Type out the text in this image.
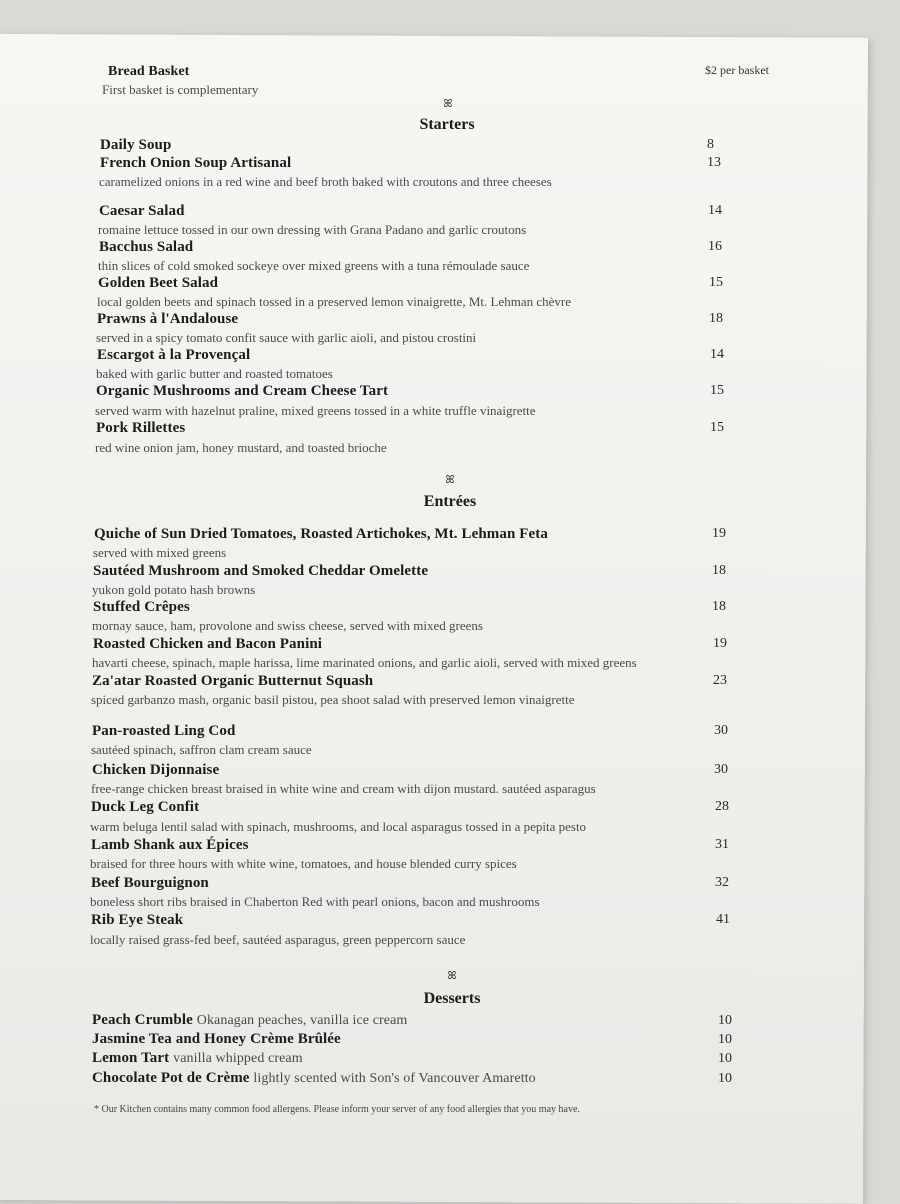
Bread Basket
First basket is complementary
$2 per basket
ꕤ
Starters
Daily Soup	8
French Onion Soup Artisanal	13
caramelized onions in a red wine and beef broth baked with croutons and three cheeses
Caesar Salad	14
romaine lettuce tossed in our own dressing with Grana Padano and garlic croutons
Bacchus Salad	16
thin slices of cold smoked sockeye over mixed greens with a tuna rémoulade sauce
Golden Beet Salad	15
local golden beets and spinach tossed in a preserved lemon vinaigrette, Mt. Lehman chèvre
Prawns à l'Andalouse	18
served in a spicy tomato confit sauce with garlic aioli, and pistou crostini
Escargot à la Provençal	14
baked with garlic butter and roasted tomatoes
Organic Mushrooms and Cream Cheese Tart	15
served warm with hazelnut praline, mixed greens tossed in a white truffle vinaigrette
Pork Rillettes	15
red wine onion jam, honey mustard, and toasted brioche
ꕤ
Entrées
Quiche of Sun Dried Tomatoes, Roasted Artichokes, Mt. Lehman Feta	19
served with mixed greens
Sautéed Mushroom and Smoked Cheddar Omelette	18
yukon gold potato hash browns
Stuffed Crêpes	18
mornay sauce, ham, provolone and swiss cheese, served with mixed greens
Roasted Chicken and Bacon Panini	19
havarti cheese, spinach, maple harissa, lime marinated onions, and garlic aioli, served with mixed greens
Za'atar Roasted Organic Butternut Squash	23
spiced garbanzo mash, organic basil pistou, pea shoot salad with preserved lemon vinaigrette
Pan-roasted Ling Cod	30
sautéed spinach, saffron clam cream sauce
Chicken Dijonnaise	30
free-range chicken breast braised in white wine and cream with dijon mustard. sautéed asparagus
Duck Leg Confit	28
warm beluga lentil salad with spinach, mushrooms, and local asparagus tossed in a pepita pesto
Lamb Shank aux Épices	31
braised for three hours with white wine, tomatoes, and house blended curry spices
Beef Bourguignon	32
boneless short ribs braised in Chaberton Red with pearl onions, bacon and mushrooms
Rib Eye Steak	41
locally raised grass-fed beef, sautéed asparagus, green peppercorn sauce
ꕤ
Desserts
Peach Crumble Okanagan peaches, vanilla ice cream	10
Jasmine Tea and Honey Crème Brûlée	10
Lemon Tart vanilla whipped cream	10
Chocolate Pot de Crème lightly scented with Son's of Vancouver Amaretto	10
* Our Kitchen contains many common food allergens. Please inform your server of any food allergies that you may have.
